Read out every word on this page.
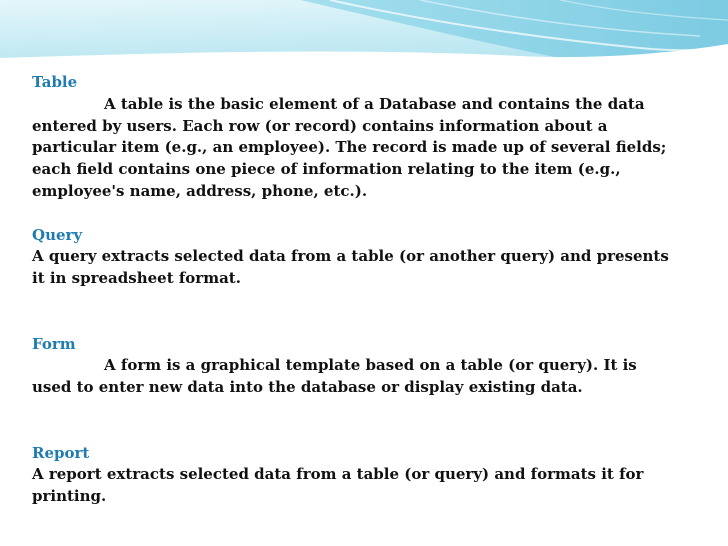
Table
A table is the basic element of a Database and contains the data entered by users. Each row (or record) contains information about a particular item (e.g., an employee). The record is made up of several fields; each field contains one piece of information relating to the item (e.g., employee's name, address, phone, etc.).
Query
A query extracts selected data from a table (or another query) and presents it in spreadsheet format.
Form
A form is a graphical template based on a table (or query). It is used to enter new data into the database or display existing data.
Report
A report extracts selected data from a table (or query) and formats it for printing.
